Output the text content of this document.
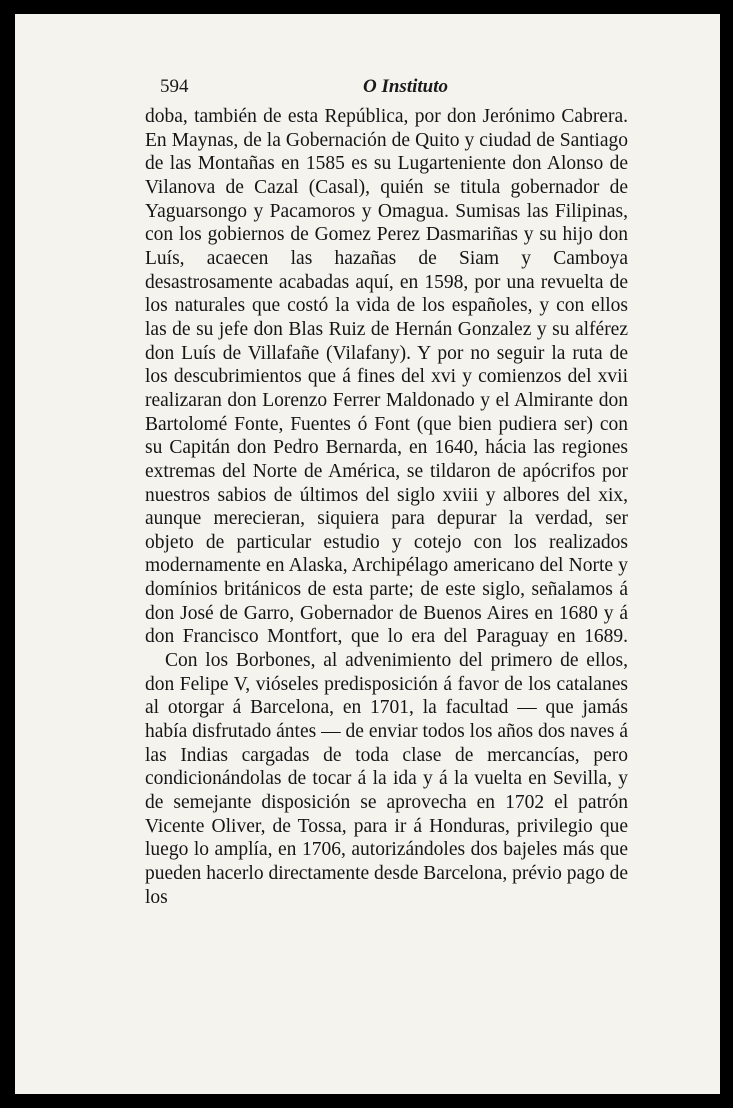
594	O Instituto

doba, también de esta República, por don Jerónimo Cabrera. En Maynas, de la Gobernación de Quito y ciudad de Santiago de las Montañas en 1585 es su Lugarteniente don Alonso de Vilanova de Cazal (Casal), quién se titula gobernador de Yaguarsongo y Pacamoros y Omagua. Sumisas las Filipinas, con los gobiernos de Gomez Perez Dasmariñas y su hijo don Luís, acaecen las hazañas de Siam y Camboya desastrosamente acabadas aquí, en 1598, por una revuelta de los naturales que costó la vida de los españoles, y con ellos las de su jefe don Blas Ruiz de Hernán Gonzalez y su alférez don Luís de Villafañe (Vilafany). Y por no seguir la ruta de los descubrimientos que á fines del xvi y comienzos del xvii realizaran don Lorenzo Ferrer Maldonado y el Almirante don Bartolomé Fonte, Fuentes ó Font (que bien pudiera ser) con su Capitán don Pedro Bernarda, en 1640, hácia las regiones extremas del Norte de América, se tildaron de apócrifos por nuestros sabios de últimos del siglo xviii y albores del xix, aunque merecieran, siquiera para depurar la verdad, ser objeto de particular estudio y cotejo con los realizados modernamente en Alaska, Archipélago americano del Norte y domínios británicos de esta parte; de este siglo, señalamos á don José de Garro, Gobernador de Buenos Aires en 1680 y á don Francisco Montfort, que lo era del Paraguay en 1689.

Con los Borbones, al advenimiento del primero de ellos, don Felipe V, vióseles predisposición á favor de los catalanes al otorgar á Barcelona, en 1701, la facultad — que jamás había disfrutado ántes — de enviar todos los años dos naves á las Indias cargadas de toda clase de mercancías, pero condicionándolas de tocar á la ida y á la vuelta en Sevilla, y de semejante disposición se aprovecha en 1702 el patrón Vicente Oliver, de Tossa, para ir á Honduras, privilegio que luego lo amplía, en 1706, autorizándoles dos bajeles más que pueden hacerlo directamente desde Barcelona, prévio pago de los
